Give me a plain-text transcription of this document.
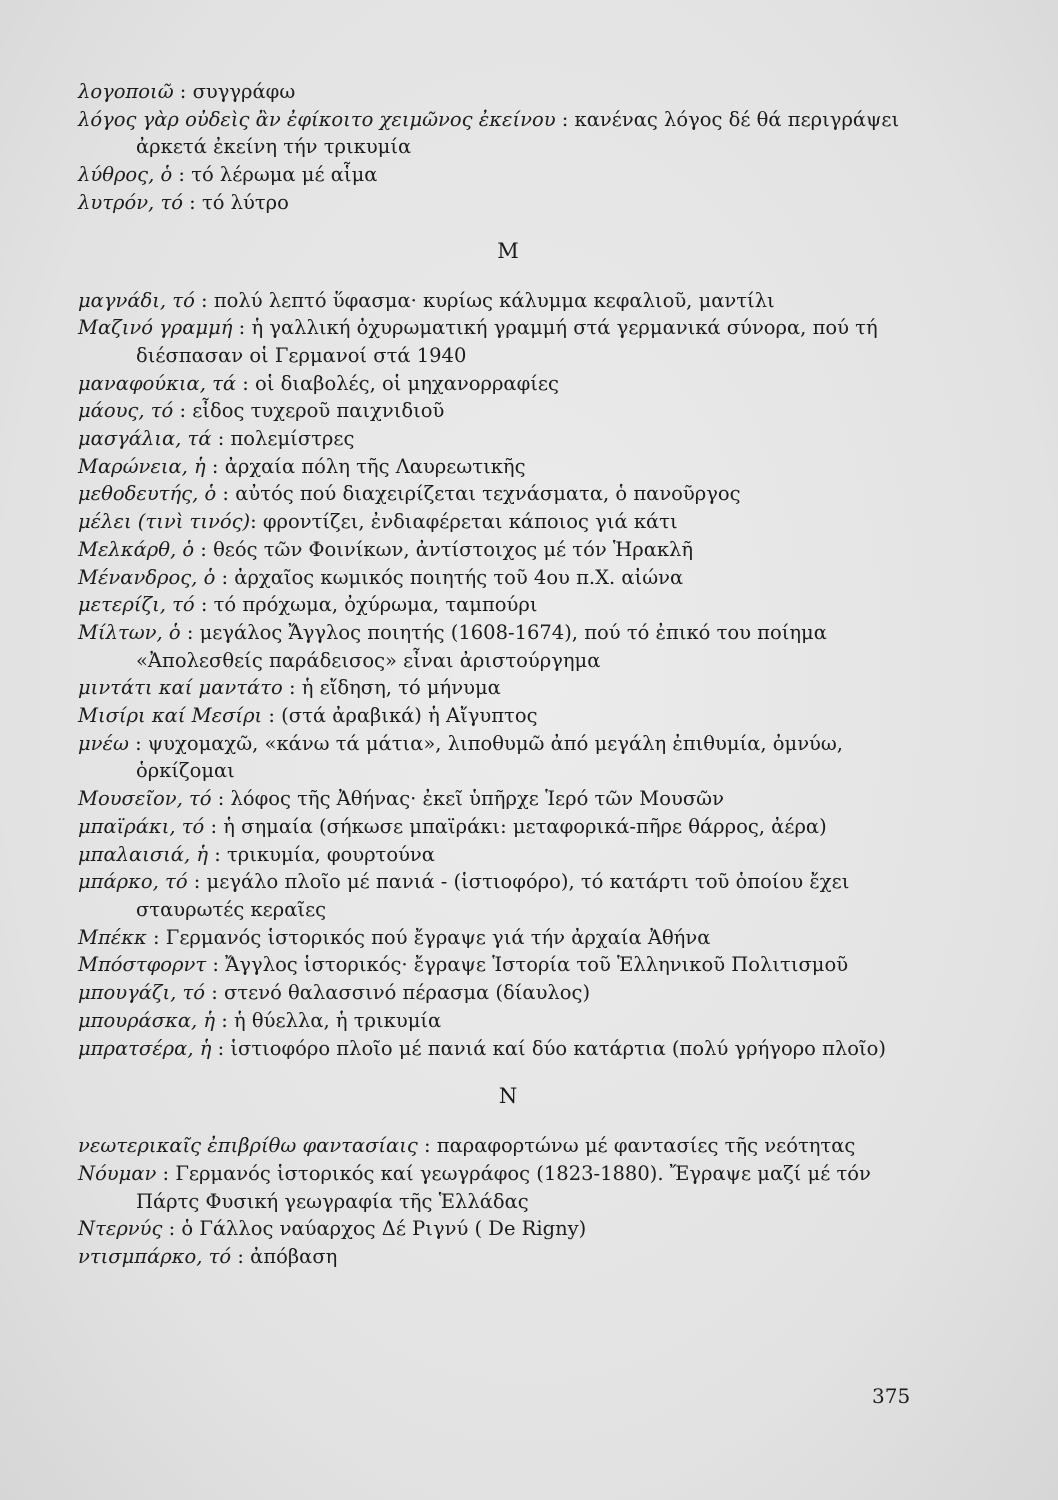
λογοποιῶ : συγγράφω

λόγος γὰρ οὐδεὶς ἂν ἐφίκοιτο χειμῶνος ἐκείνου : κανένας λόγος δέ θά περιγράψει ἀρκετά ἐκείνη τήν τρικυμία

λύθρος, ὁ : τό λέρωμα μέ αἷμα

λυτρόν, τό : τό λύτρο

M

μαγνάδι, τό : πολύ λεπτό ὕφασμα· κυρίως κάλυμμα κεφαλιοῦ, μαντίλι

Μαζινό γραμμή : ἡ γαλλική ὀχυρωματική γραμμή στά γερμανικά σύνορα, πού τή διέσπασαν οἱ Γερμανοί στά 1940

μαναφούκια, τά : οἱ διαβολές, οἱ μηχανορραφίες

μάους, τό : εἶδος τυχεροῦ παιχνιδιοῦ

μασγάλια, τά : πολεμίστρες

Μαρώνεια, ἡ : ἀρχαία πόλη τῆς Λαυρεωτικῆς

μεθοδευτής, ὁ : αὐτός πού διαχειρίζεται τεχνάσματα, ὁ πανοῦργος

μέλει (τινὶ τινός): φροντίζει, ἐνδιαφέρεται κάποιος γιά κάτι

Μελκάρθ, ὁ : θεός τῶν Φοινίκων, ἀντίστοιχος μέ τόν Ἡρακλῆ

Μένανδρος, ὁ : ἀρχαῖος κωμικός ποιητής τοῦ 4ου π.Χ. αἰώνα

μετερίζι, τό : τό πρόχωμα, ὀχύρωμα, ταμπούρι

Μίλτων, ὁ : μεγάλος Ἄγγλος ποιητής (1608-1674), πού τό ἐπικό του ποίημα «Ἀπολεσθείς παράδεισος» εἶναι ἀριστούργημα

μιντάτι καί μαντάτο : ἡ εἴδηση, τό μήνυμα

Μισίρι καί Μεσίρι : (στά ἀραβικά) ἡ Αἴγυπτος

μνέω : ψυχομαχῶ, «κάνω τά μάτια», λιποθυμῶ ἀπό μεγάλη ἐπιθυμία, ὀμνύω, ὁρκίζομαι

Μουσεῖον, τό : λόφος τῆς Ἀθήνας· ἐκεῖ ὑπῆρχε Ἱερό τῶν Μουσῶν

μπαϊράκι, τό : ἡ σημαία (σήκωσε μπαϊράκι: μεταφορικά-πῆρε θάρρος, ἀέρα)

μπαλαισιά, ἡ : τρικυμία, φουρτούνα

μπάρκο, τό : μεγάλο πλοῖο μέ πανιά - (ἱστιοφόρο), τό κατάρτι τοῦ ὁποίου ἔχει σταυρωτές κεραῖες

Μπέκκ : Γερμανός ἱστορικός πού ἔγραψε γιά τήν ἀρχαία Ἀθήνα

Μπόστφορντ : Ἄγγλος ἱστορικός· ἔγραψε Ἱστορία τοῦ Ἑλληνικοῦ Πολιτισμοῦ

μπουγάζι, τό : στενό θαλασσινό πέρασμα (δίαυλος)

μπουράσκα, ἡ : ἡ θύελλα, ἡ τρικυμία

μπρατσέρα, ἡ : ἱστιοφόρο πλοῖο μέ πανιά καί δύο κατάρτια (πολύ γρήγορο πλοῖο)

N

νεωτερικαῖς ἐπιβρίθω φαντασίαις : παραφορτώνω μέ φαντασίες τῆς νεότητας

Νόυμαν : Γερμανός ἱστορικός καί γεωγράφος (1823-1880). Ἔγραψε μαζί μέ τόν Πάρτς Φυσική γεωγραφία τῆς Ἑλλάδας

Ντερνύς : ὁ Γάλλος ναύαρχος Δέ Ριγνύ ( De Rigny)

ντισμπάρκο, τό : ἀπόβαση

375
